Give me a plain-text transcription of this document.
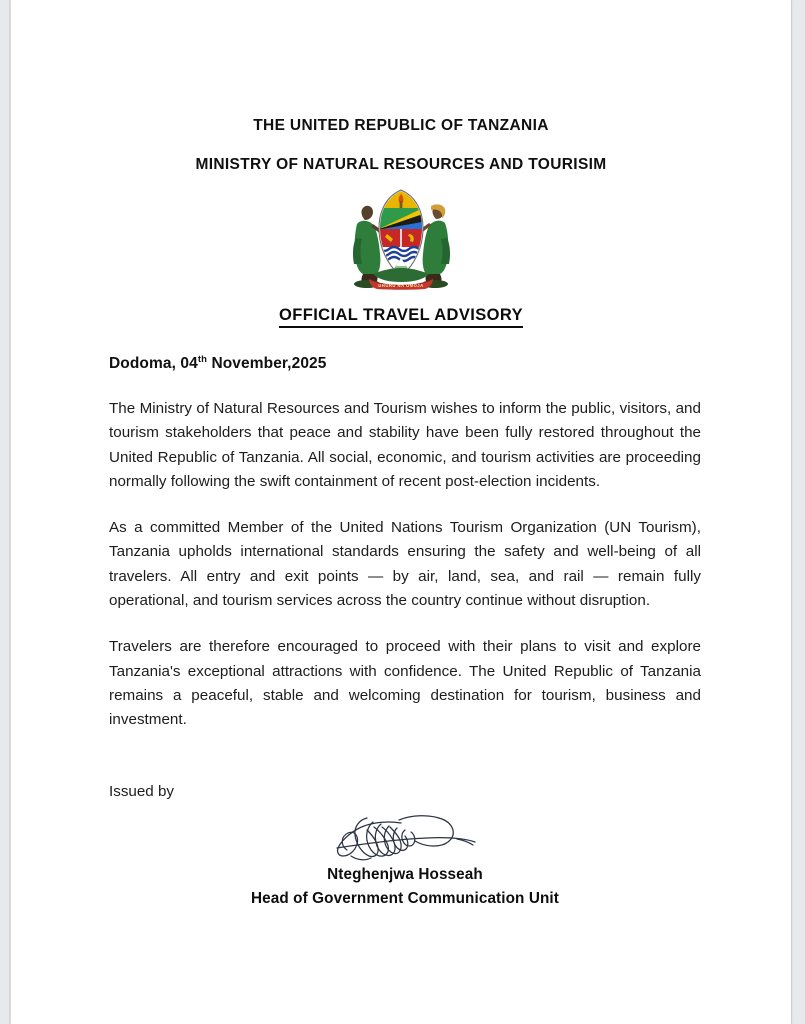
THE UNITED REPUBLIC OF TANZANIA
MINISTRY OF NATURAL RESOURCES AND TOURISIM
UHURU NA UMOJA
OFFICIAL TRAVEL ADVISORY
Dodoma, 04th November,2025

The Ministry of Natural Resources and Tourism wishes to inform the public, visitors, and tourism stakeholders that peace and stability have been fully restored throughout the United Republic of Tanzania. All social, economic, and tourism activities are proceeding normally following the swift containment of recent post-election incidents.

As a committed Member of the United Nations Tourism Organization (UN Tourism), Tanzania upholds international standards ensuring the safety and well-being of all travelers. All entry and exit points — by air, land, sea, and rail — remain fully operational, and tourism services across the country continue without disruption.

Travelers are therefore encouraged to proceed with their plans to visit and explore Tanzania's exceptional attractions with confidence. The United Republic of Tanzania remains a peaceful, stable and welcoming destination for tourism, business and investment.

Issued by
Nteghenjwa Hosseah
Head of Government Communication Unit
